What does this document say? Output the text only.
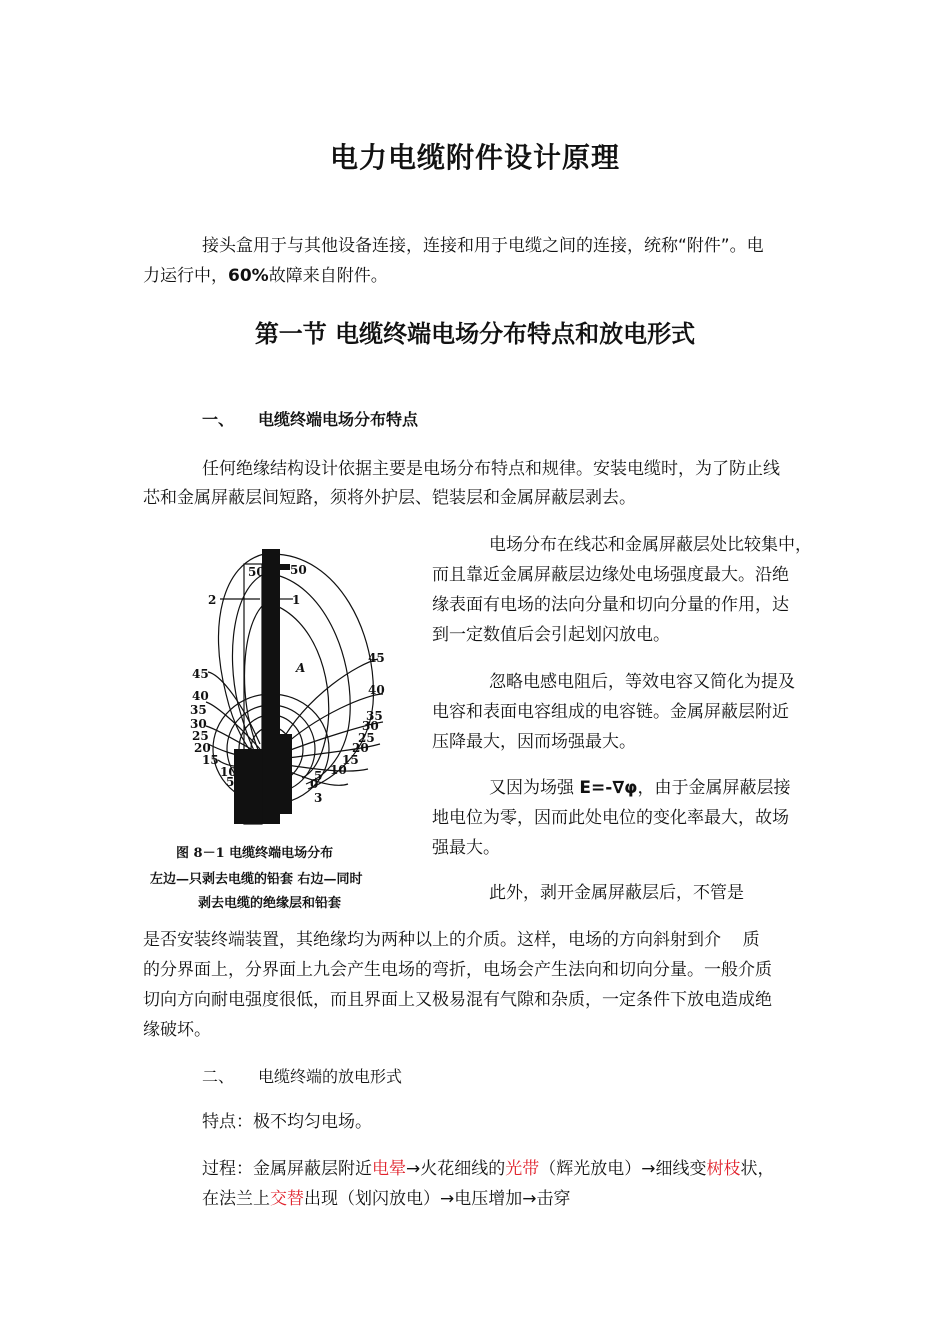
电力电缆附件设计原理
接头盒用于与其他设备连接，连接和用于电缆之间的连接，统称“附件”。电
力运行中，60%故障来自附件。
第一节 电缆终端电场分布特点和放电形式
一、 电缆终端电场分布特点
任何绝缘结构设计依据主要是电场分布特点和规律。安装电缆时，为了防止线
芯和金属屏蔽层间短路，须将外护层、铠装层和金属屏蔽层剥去。
50
2
45
40
35
30
25
20
15
10
5
50
1
45
40
35
30
25
20
15
10
5
0
3
A
图 8－1 电缆终端电场分布
左边—只剥去电缆的铅套 右边—同时
剥去电缆的绝缘层和铅套
电场分布在线芯和金属屏蔽层处比较集中，
而且靠近金属屏蔽层边缘处电场强度最大。沿绝
缘表面有电场的法向分量和切向分量的作用，达
到一定数值后会引起划闪放电。
忽略电感电阻后，等效电容又简化为提及
电容和表面电容组成的电容链。金属屏蔽层附近
压降最大，因而场强最大。
又因为场强 E=-∇φ，由于金属屏蔽层接
地电位为零，因而此处电位的变化率最大，故场
强最大。
此外，剥开金属屏蔽层后，不管是
是否安装终端装置，其绝缘均为两种以上的介质。这样，电场的方向斜射到介    质
的分界面上，分界面上九会产生电场的弯折，电场会产生法向和切向分量。一般介质
切向方向耐电强度很低，而且界面上又极易混有气隙和杂质，一定条件下放电造成绝
缘破坏。
二、 电缆终端的放电形式
特点：极不均匀电场。
过程：金属屏蔽层附近电晕→火花细线的光带（辉光放电）→细线变树枝状，
在法兰上交替出现（划闪放电）→电压增加→击穿
